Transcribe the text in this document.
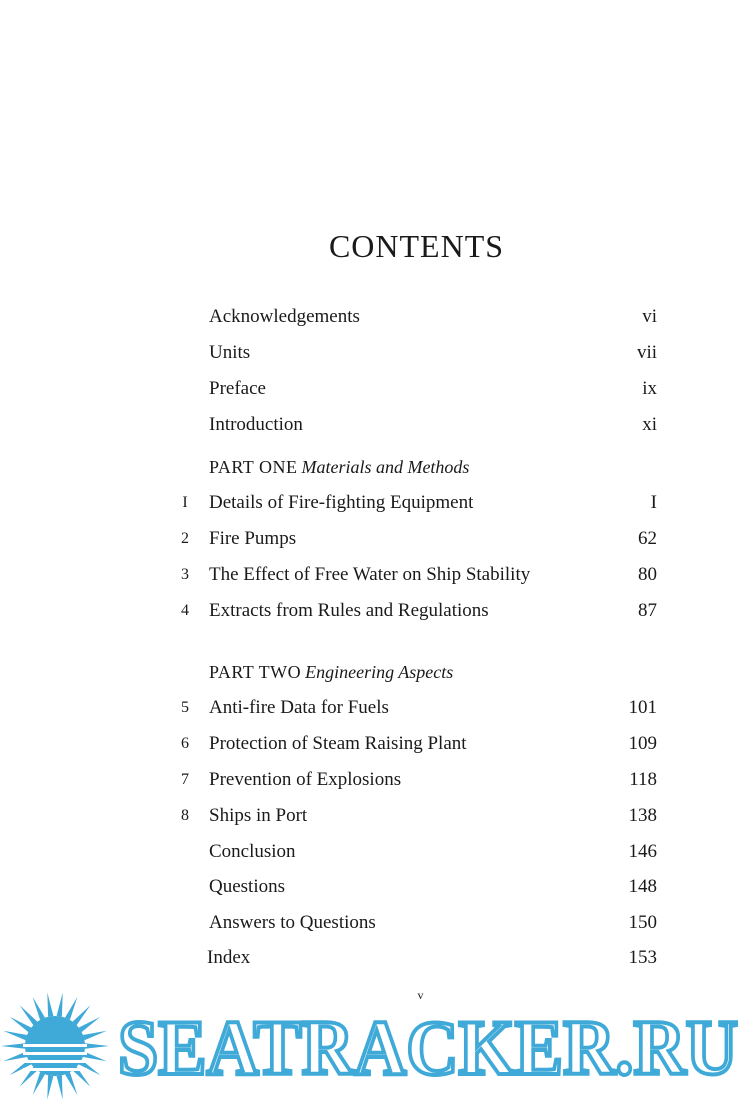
CONTENTS
Acknowledgements	vi
Units	vii
Preface	ix
Introduction	xi
PART ONE Materials and Methods
I	Details of Fire-fighting Equipment	I
2	Fire Pumps	62
3	The Effect of Free Water on Ship Stability	80
4	Extracts from Rules and Regulations	87
PART TWO Engineering Aspects
5	Anti-fire Data for Fuels	101
6	Protection of Steam Raising Plant	109
7	Prevention of Explosions	118
8	Ships in Port	138
Conclusion	146
Questions	148
Answers to Questions	150
Index	153
v
SEATRACKER.RU
